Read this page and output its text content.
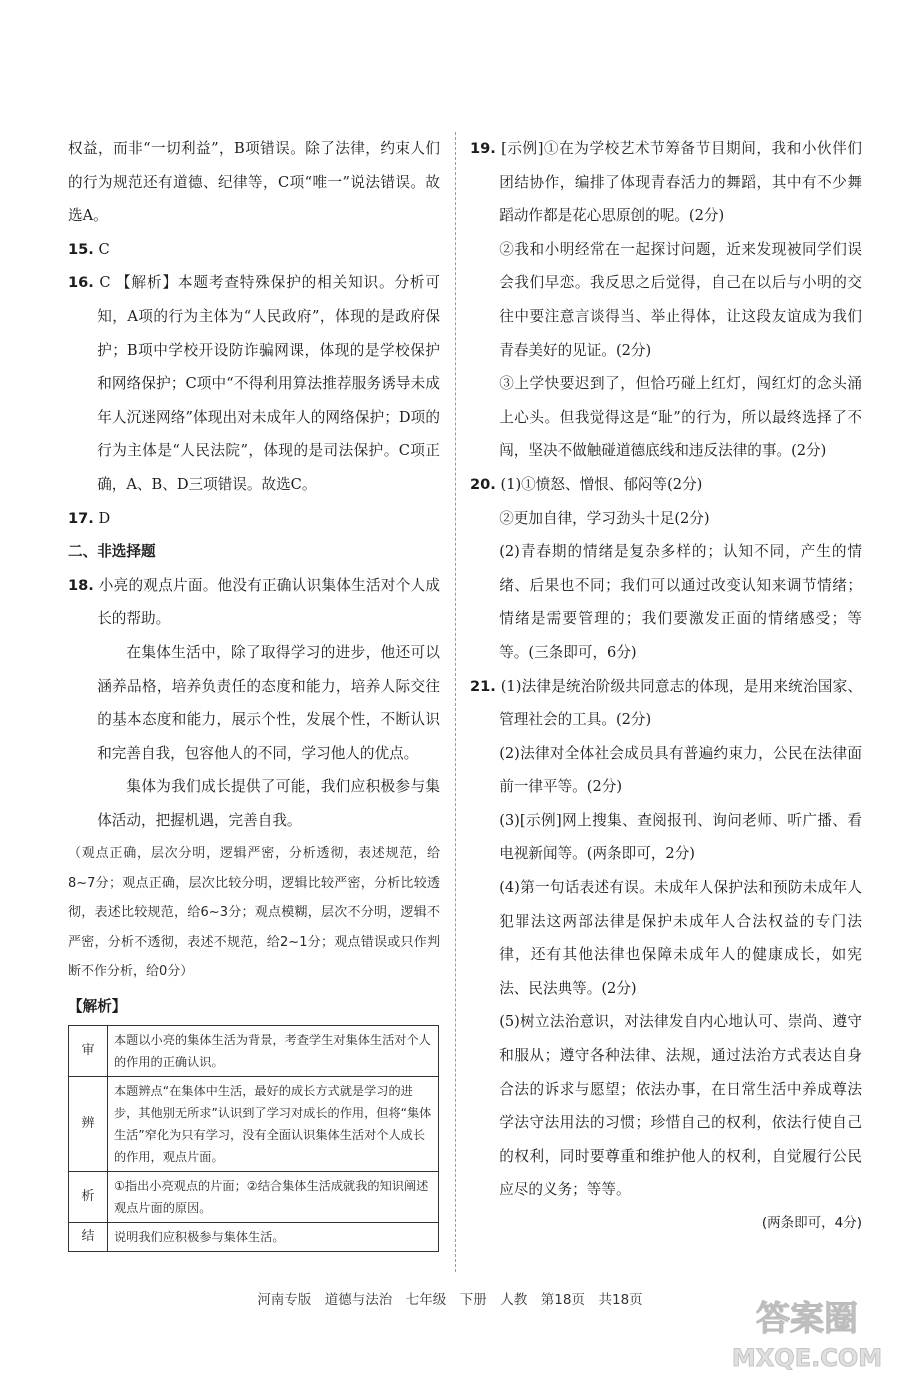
权益，而非“一切利益”，B项错误。除了法律，约束人们的行为规范还有道德、纪律等，C项“唯一”说法错误。故选A。

15. C

16. C 【解析】本题考查特殊保护的相关知识。分析可知，A项的行为主体为“人民政府”，体现的是政府保护；B项中学校开设防诈骗网课，体现的是学校保护和网络保护；C项中“不得利用算法推荐服务诱导未成年人沉迷网络”体现出对未成年人的网络保护；D项的行为主体是“人民法院”，体现的是司法保护。C项正确，A、B、D三项错误。故选C。

17. D

二、非选择题

18. 小亮的观点片面。他没有正确认识集体生活对个人成长的帮助。

在集体生活中，除了取得学习的进步，他还可以涵养品格，培养负责任的态度和能力，培养人际交往的基本态度和能力，展示个性，发展个性，不断认识和完善自我，包容他人的不同，学习他人的优点。

集体为我们成长提供了可能，我们应积极参与集体活动，把握机遇，完善自我。

（观点正确，层次分明，逻辑严密，分析透彻，表述规范，给8~7分；观点正确，层次比较分明，逻辑比较严密，分析比较透彻，表述比较规范，给6~3分；观点模糊，层次不分明，逻辑不严密，分析不透彻，表述不规范，给2~1分；观点错误或只作判断不作分析，给0分）

【解析】

审	本题以小亮的集体生活为背景，考查学生对集体生活对个人的作用的正确认识。
辨	本题辨点“在集体中生活，最好的成长方式就是学习的进步，其他别无所求”认识到了学习对成长的作用，但将“集体生活”窄化为只有学习，没有全面认识集体生活对个人成长的作用，观点片面。
析	①指出小亮观点的片面；②结合集体生活成就我的知识阐述观点片面的原因。
结	说明我们应积极参与集体生活。

19. [示例]①在为学校艺术节筹备节目期间，我和小伙伴们团结协作，编排了体现青春活力的舞蹈，其中有不少舞蹈动作都是花心思原创的呢。(2分)

②我和小明经常在一起探讨问题，近来发现被同学们误会我们早恋。我反思之后觉得，自己在以后与小明的交往中要注意言谈得当、举止得体，让这段友谊成为我们青春美好的见证。(2分)

③上学快要迟到了，但恰巧碰上红灯，闯红灯的念头涌上心头。但我觉得这是“耻”的行为，所以最终选择了不闯，坚决不做触碰道德底线和违反法律的事。(2分)

20. (1)①愤怒、憎恨、郁闷等(2分)

②更加自律，学习劲头十足(2分)

(2)青春期的情绪是复杂多样的；认知不同，产生的情绪、后果也不同；我们可以通过改变认知来调节情绪；情绪是需要管理的；我们要激发正面的情绪感受；等等。(三条即可，6分)

21. (1)法律是统治阶级共同意志的体现，是用来统治国家、管理社会的工具。(2分)

(2)法律对全体社会成员具有普遍约束力，公民在法律面前一律平等。(2分)

(3)[示例]网上搜集、查阅报刊、询问老师、听广播、看电视新闻等。(两条即可，2分)

(4)第一句话表述有误。未成年人保护法和预防未成年人犯罪法这两部法律是保护未成年人合法权益的专门法律，还有其他法律也保障未成年人的健康成长，如宪法、民法典等。(2分)

(5)树立法治意识，对法律发自内心地认可、崇尚、遵守和服从；遵守各种法律、法规，通过法治方式表达自身合法的诉求与愿望；依法办事，在日常生活中养成尊法学法守法用法的习惯；珍惜自己的权利，依法行使自己的权利，同时要尊重和维护他人的权利，自觉履行公民应尽的义务；等等。

(两条即可，4分)

河南专版　道德与法治　七年级　下册　人教　第18页　共18页	答案圈
MXQE.COM
